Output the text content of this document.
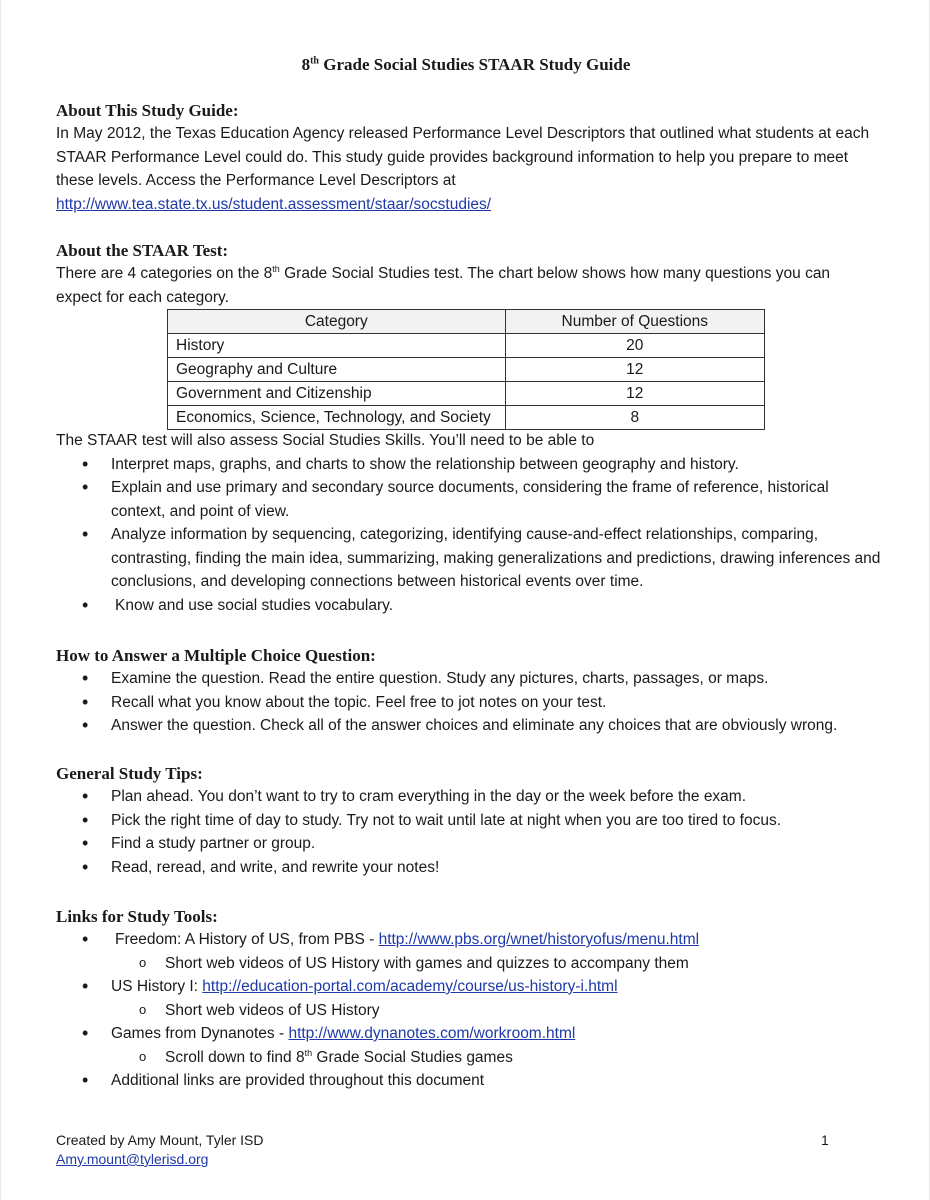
8th Grade Social Studies STAAR Study Guide
About This Study Guide:

In May 2012, the Texas Education Agency released Performance Level Descriptors that outlined what students at each STAAR Performance Level could do. This study guide provides background information to help you prepare to meet these levels. Access the Performance Level Descriptors at

http://www.tea.state.tx.us/student.assessment/staar/socstudies/

About the STAAR Test:

There are 4 categories on the 8th Grade Social Studies test. The chart below shows how many questions you can expect for each category.

Category	Number of Questions
History	20
Geography and Culture	12
Government and Citizenship	12
Economics, Science, Technology, and Society	8

The STAAR test will also assess Social Studies Skills. You’ll need to be able to

• Interpret maps, graphs, and charts to show the relationship between geography and history.
• Explain and use primary and secondary source documents, considering the frame of reference, historical context, and point of view.
• Analyze information by sequencing, categorizing, identifying cause-and-effect relationships, comparing, contrasting, finding the main idea, summarizing, making generalizations and predictions, drawing inferences and conclusions, and developing connections between historical events over time.
• Know and use social studies vocabulary.
How to Answer a Multiple Choice Question:
• Examine the question. Read the entire question. Study any pictures, charts, passages, or maps.
• Recall what you know about the topic. Feel free to jot notes on your test.
• Answer the question. Check all of the answer choices and eliminate any choices that are obviously wrong.
General Study Tips:
• Plan ahead. You don’t want to try to cram everything in the day or the week before the exam.
• Pick the right time of day to study. Try not to wait until late at night when you are too tired to focus.
• Find a study partner or group.
• Read, reread, and write, and rewrite your notes!
Links for Study Tools:
• Freedom: A History of US, from PBS - http://www.pbs.org/wnet/historyofus/menu.html
o Short web videos of US History with games and quizzes to accompany them
• US History I: http://education-portal.com/academy/course/us-history-i.html
o Short web videos of US History
• Games from Dynanotes - http://www.dynanotes.com/workroom.html
o Scroll down to find 8th Grade Social Studies games
• Additional links are provided throughout this document
Created by Amy Mount, Tyler ISD
Amy.mount@tylerisd.org
1
